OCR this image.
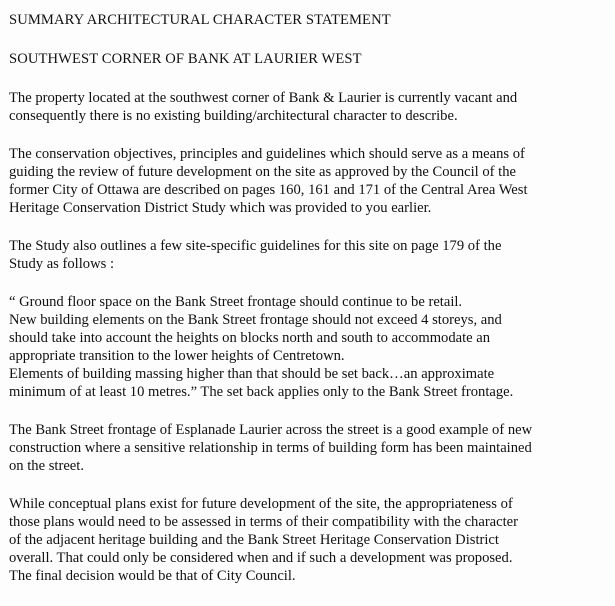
SUMMARY ARCHITECTURAL CHARACTER STATEMENT

SOUTHWEST CORNER OF BANK AT LAURIER WEST

The property located at the southwest corner of Bank & Laurier is currently vacant and

consequently there is no existing building/architectural character to describe.

The conservation objectives, principles and guidelines which should serve as a means of

guiding the review of future development on the site as approved by the Council of the

former City of Ottawa are described on pages 160, 161 and 171 of the Central Area West

Heritage Conservation District Study which was provided to you earlier.

The Study also outlines a few site-specific guidelines for this site on page 179 of the

Study as follows :

“ Ground floor space on the Bank Street frontage should continue to be retail.

New building elements on the Bank Street frontage should not exceed 4 storeys, and

should take into account the heights on blocks north and south to accommodate an

appropriate transition to the lower heights of Centretown.

Elements of building massing higher than that should be set back…an approximate

minimum of at least 10 metres.” The set back applies only to the Bank Street frontage.

The Bank Street frontage of Esplanade Laurier across the street is a good example of new

construction where a sensitive relationship in terms of building form has been maintained

on the street.

While conceptual plans exist for future development of the site, the appropriateness of

those plans would need to be assessed in terms of their compatibility with the character

of the adjacent heritage building and the Bank Street Heritage Conservation District

overall. That could only be considered when and if such a development was proposed.

The final decision would be that of City Council.
